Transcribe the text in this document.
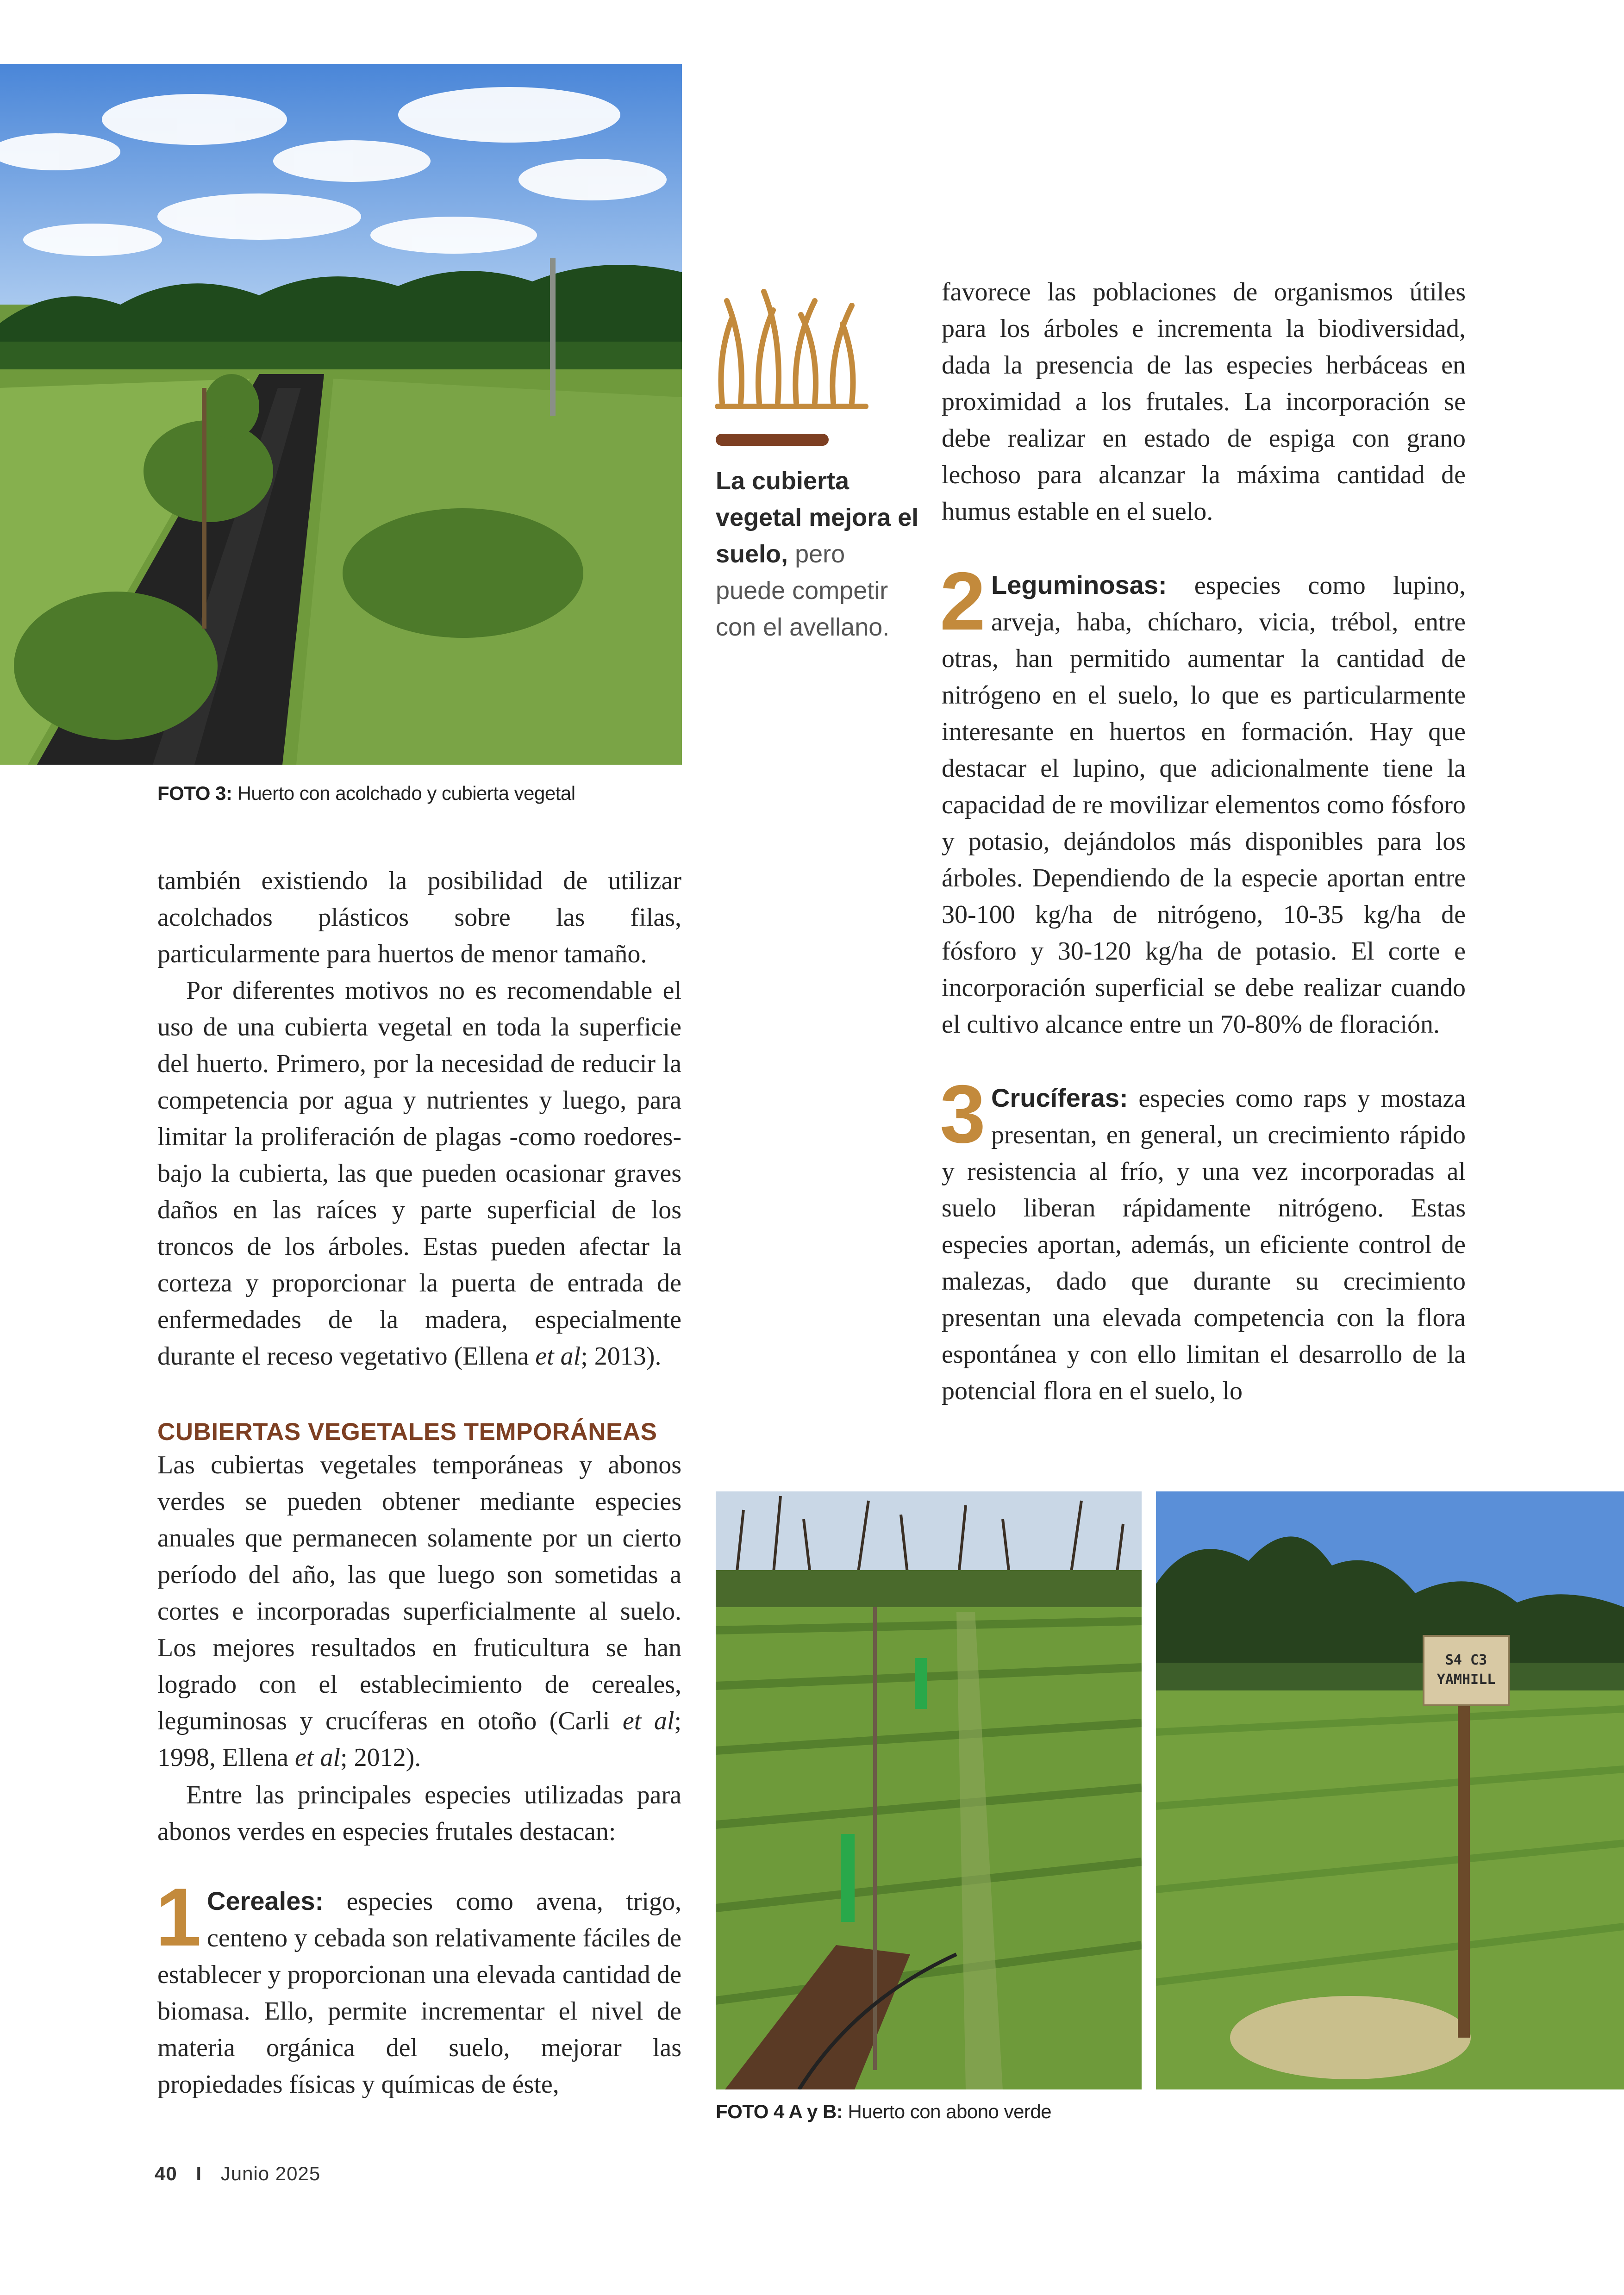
FOTO 3: Huerto con acolchado y cubierta vegetal
La cubierta vegetal mejora el suelo, pero puede competir con el avellano.

también existiendo la posibilidad de utilizar acolchados plásticos sobre las filas, particularmente para huertos de menor tamaño.

Por diferentes motivos no es recomendable el uso de una cubierta vegetal en toda la superficie del huerto. Primero, por la necesidad de reducir la competencia por agua y nutrientes y luego, para limitar la proliferación de plagas -como roedores- bajo la cubierta, las que pueden ocasionar graves daños en las raíces y parte superficial de los troncos de los árboles. Estas pueden afectar la corteza y proporcionar la puerta de entrada de enfermedades de la madera, especialmente durante el receso vegetativo (Ellena et al; 2013).

CUBIERTAS VEGETALES TEMPORÁNEAS

Las cubiertas vegetales temporáneas y abonos verdes se pueden obtener mediante especies anuales que permanecen solamente por un cierto período del año, las que luego son sometidas a cortes e incorporadas superficialmente al suelo. Los mejores resultados en fruticultura se han logrado con el establecimiento de cereales, leguminosas y crucíferas en otoño (Carli et al; 1998, Ellena et al; 2012).

Entre las principales especies utilizadas para abonos verdes en especies frutales destacan:

1 Cereales: especies como avena, trigo, centeno y cebada son relativamente fáciles de establecer y proporcionan una elevada cantidad de biomasa. Ello, permite incrementar el nivel de materia orgánica del suelo, mejorar las propiedades físicas y químicas de éste,

favorece las poblaciones de organismos útiles para los árboles e incrementa la biodiversidad, dada la presencia de las especies herbáceas en proximidad a los frutales. La incorporación se debe realizar en estado de espiga con grano lechoso para alcanzar la máxima cantidad de humus estable en el suelo.

2 Leguminosas: especies como lupino, arveja, haba, chícharo, vicia, trébol, entre otras, han permitido aumentar la cantidad de nitrógeno en el suelo, lo que es particularmente interesante en huertos en formación. Hay que destacar el lupino, que adicionalmente tiene la capacidad de re movilizar elementos como fósforo y potasio, dejándolos más disponibles para los árboles. Dependiendo de la especie aportan entre 30-100 kg/ha de nitrógeno, 10-35 kg/ha de fósforo y 30-120 kg/ha de potasio. El corte e incorporación superficial se debe realizar cuando el cultivo alcance entre un 70-80% de floración.

3 Crucíferas: especies como raps y mostaza presentan, en general, un crecimiento rápido y resistencia al frío, y una vez incorporadas al suelo liberan rápidamente nitrógeno. Estas especies aportan, además, un eficiente control de malezas, dado que durante su crecimiento presentan una elevada competencia con la flora espontánea y con ello limitan el desarrollo de la potencial flora en el suelo, lo

S4 C3
YAMHILL
FOTO 4 A y B: Huerto con abono verde
40 I Junio 2025
